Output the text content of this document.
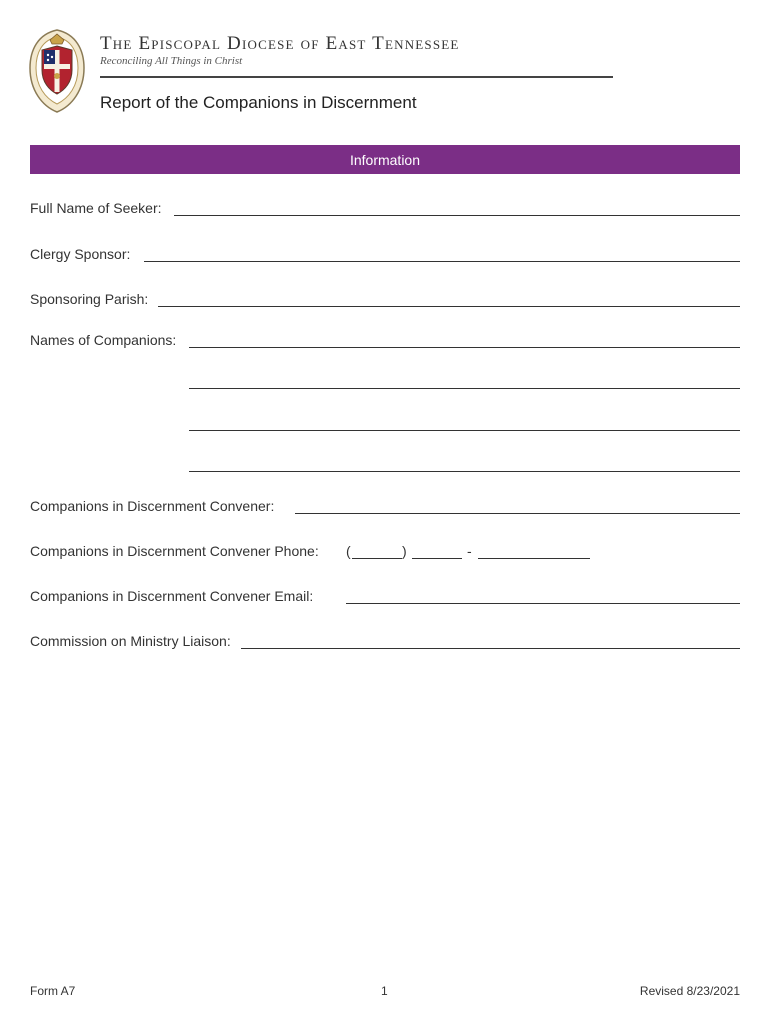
The Episcopal Diocese of East Tennessee
Reconciling All Things in Christ
Report of the Companions in Discernment
Information
Full Name of Seeker:
Clergy Sponsor:
Sponsoring Parish:
Names of Companions:
Companions in Discernment Convener:
Companions in Discernment Convener Phone: (	)	-
Companions in Discernment Convener Email:
Commission on Ministry Liaison:
Form A7	1	Revised 8/23/2021
